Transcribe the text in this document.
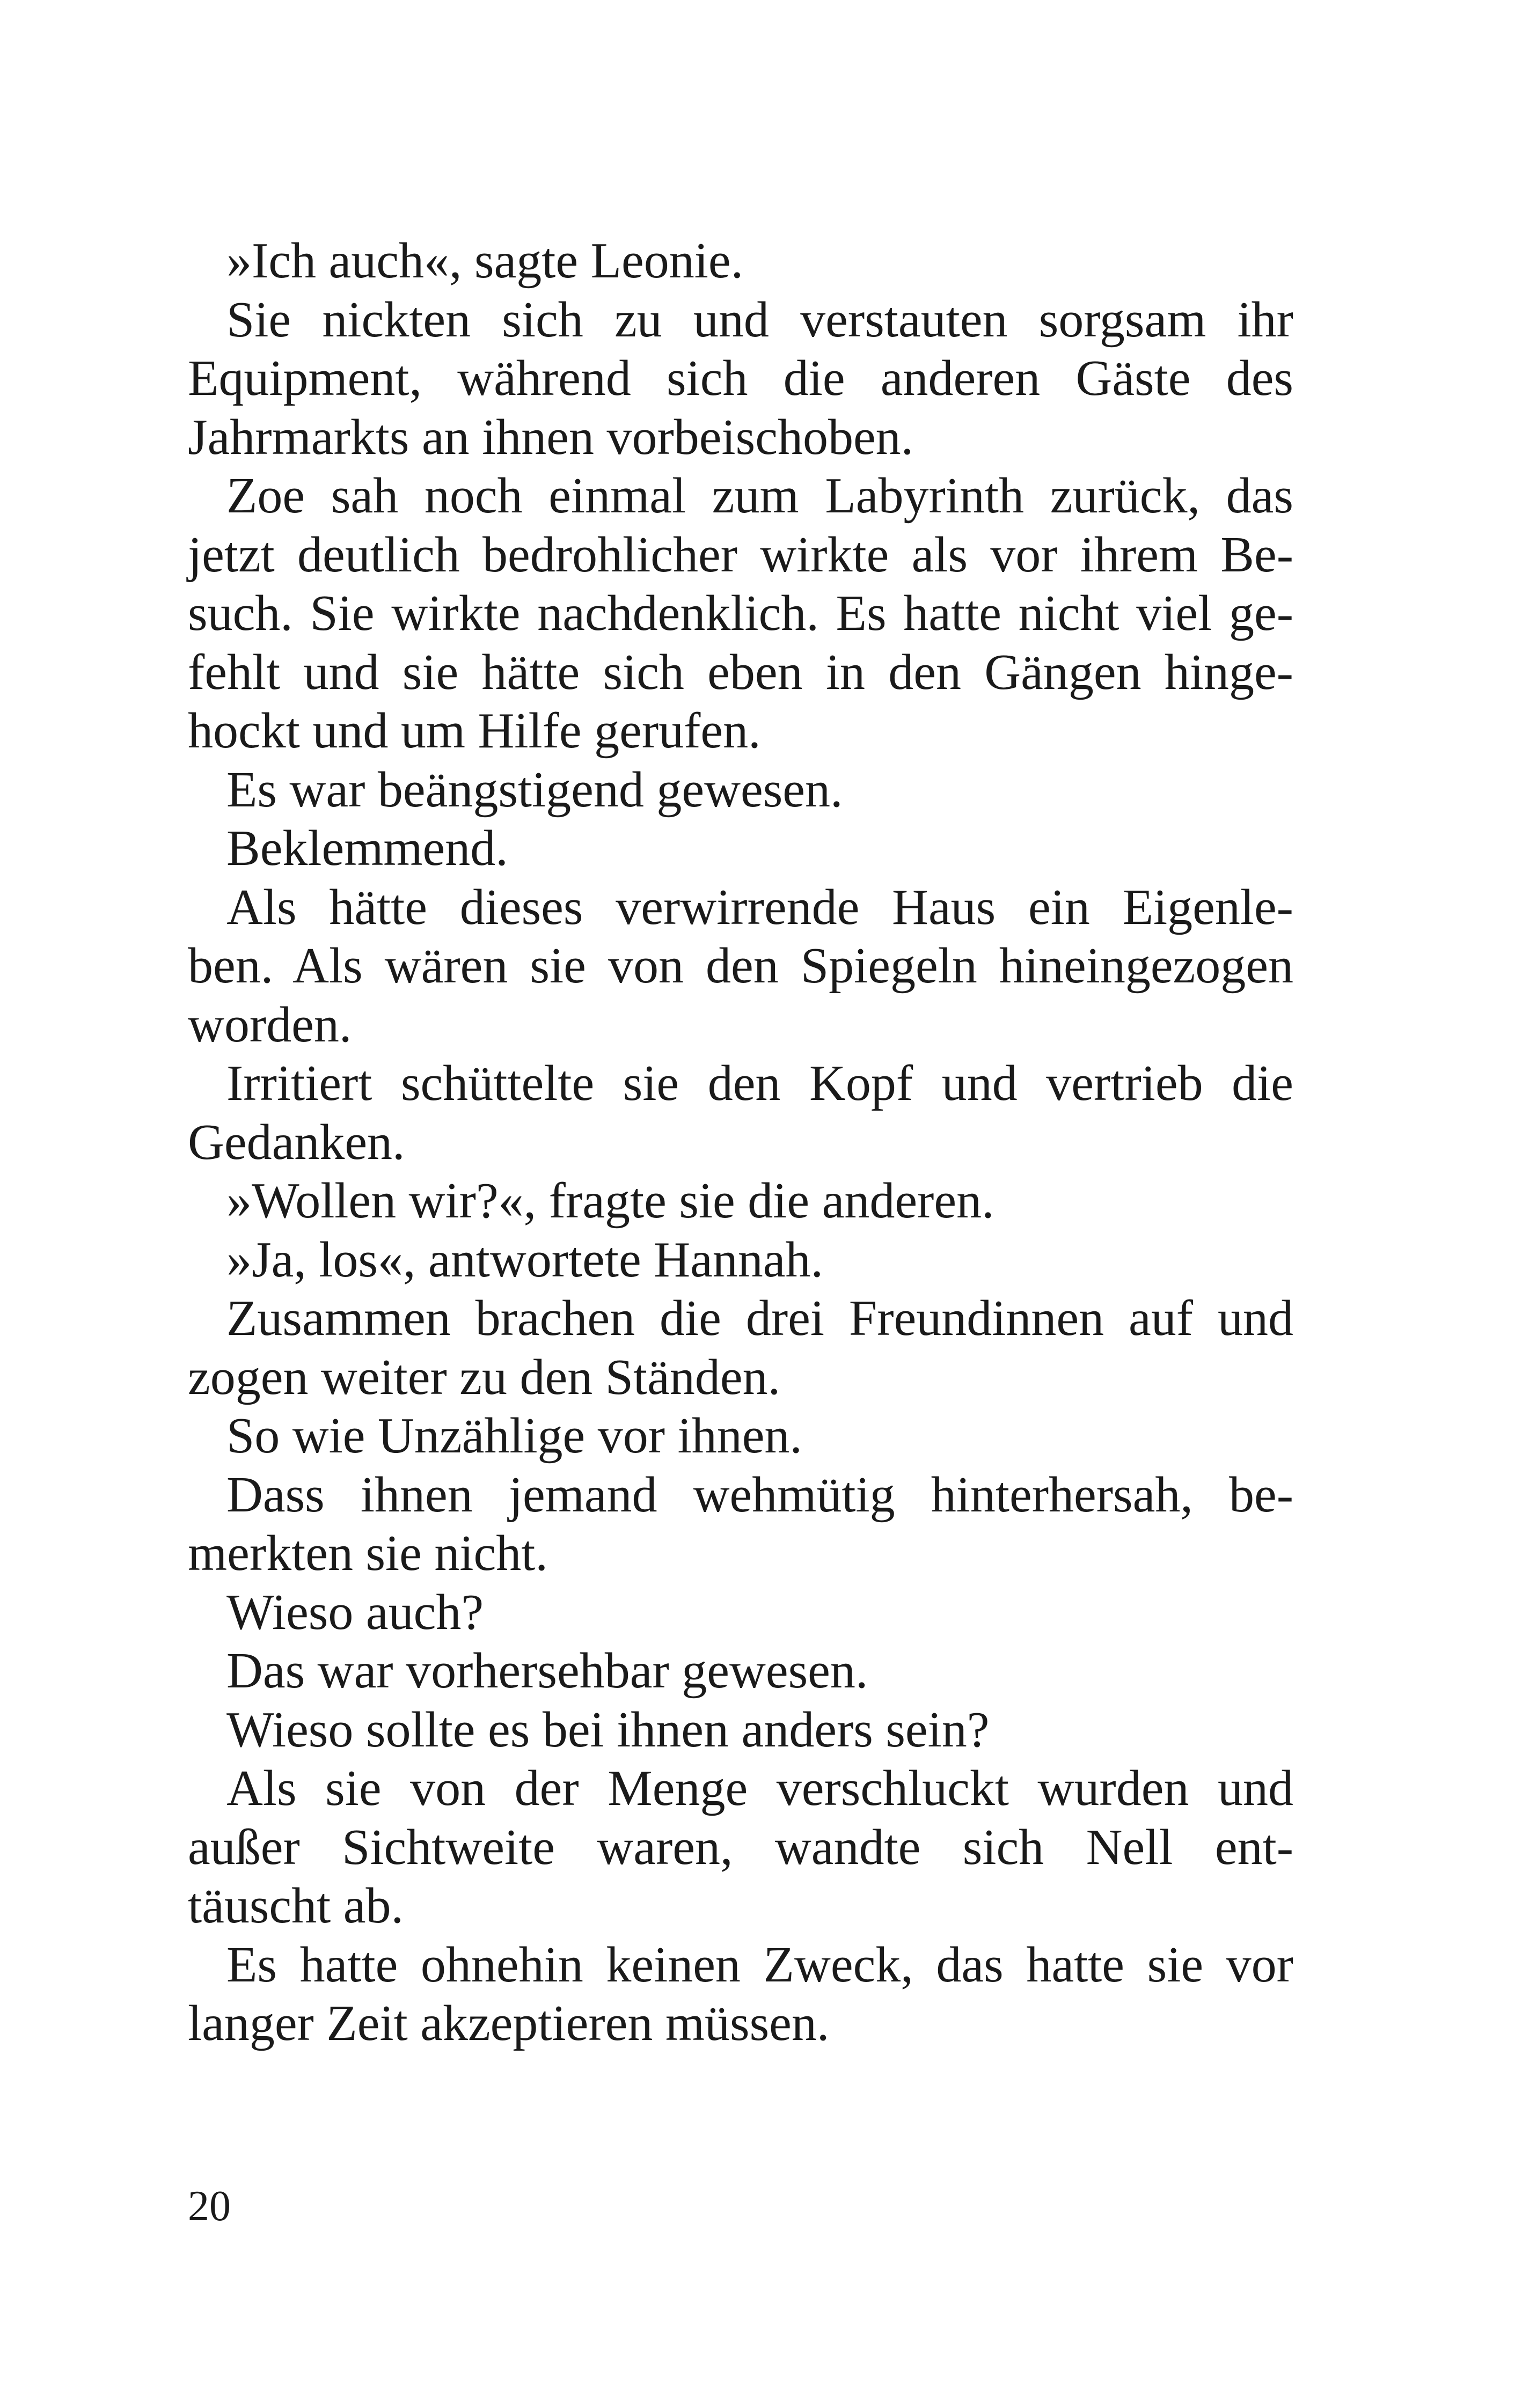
»Ich auch«, sagte Leonie.
Sie nickten sich zu und verstauten sorgsam ihr
Equipment, während sich die anderen Gäste des
Jahrmarkts an ihnen vorbeischoben.
Zoe sah noch einmal zum Labyrinth zurück, das
jetzt deutlich bedrohlicher wirkte als vor ihrem Be-
such. Sie wirkte nachdenklich. Es hatte nicht viel ge-
fehlt und sie hätte sich eben in den Gängen hinge-
hockt und um Hilfe gerufen.
Es war beängstigend gewesen.
Beklemmend.
Als hätte dieses verwirrende Haus ein Eigenle-
ben. Als wären sie von den Spiegeln hineingezogen
worden.
Irritiert schüttelte sie den Kopf und vertrieb die
Gedanken.
»Wollen wir?«, fragte sie die anderen.
»Ja, los«, antwortete Hannah.
Zusammen brachen die drei Freundinnen auf und
zogen weiter zu den Ständen.
So wie Unzählige vor ihnen.
Dass ihnen jemand wehmütig hinterhersah, be-
merkten sie nicht.
Wieso auch?
Das war vorhersehbar gewesen.
Wieso sollte es bei ihnen anders sein?
Als sie von der Menge verschluckt wurden und
außer Sichtweite waren, wandte sich Nell ent-
täuscht ab.
Es hatte ohnehin keinen Zweck, das hatte sie vor
langer Zeit akzeptieren müssen.
20
